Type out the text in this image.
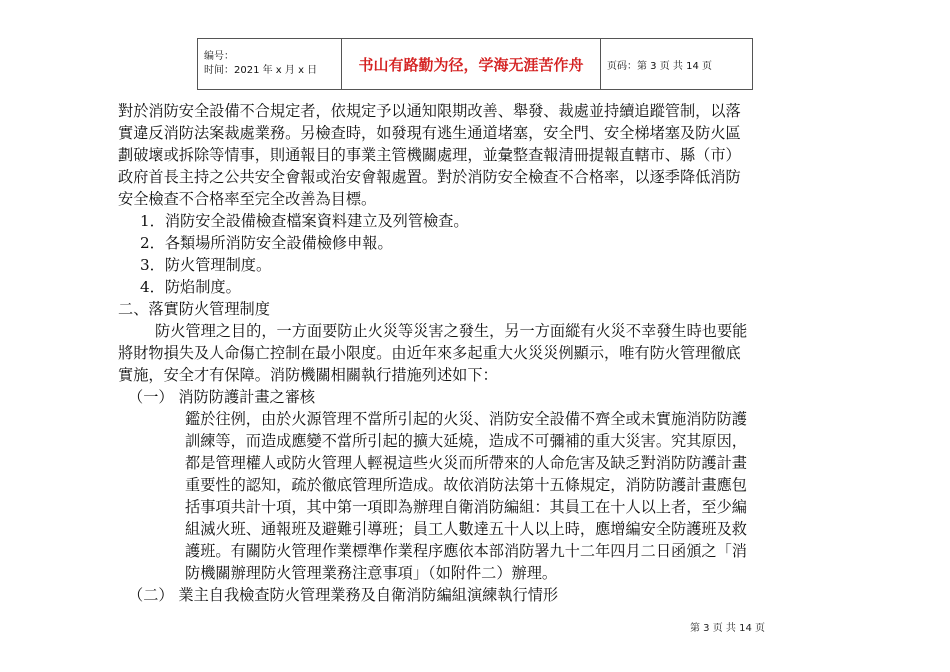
编号：
时间：2021 年 x 月 x 日	书山有路勤为径，学海无涯苦作舟	页码：第 3 页 共 14 页
對於消防安全設備不合規定者，依規定予以通知限期改善、舉發、裁處並持續追蹤管制，以落
實違反消防法案裁處業務。另檢查時，如發現有逃生通道堵塞，安全門、安全梯堵塞及防火區
劃破壞或拆除等情事，則通報目的事業主管機關處理，並彙整查報清冊提報直轄市、縣（市）
政府首長主持之公共安全會報或治安會報處置。對於消防安全檢查不合格率，以逐季降低消防
安全檢查不合格率至完全改善為目標。
1．消防安全設備檢查檔案資料建立及列管檢查。
2．各類場所消防安全設備檢修申報。
3．防火管理制度。
4．防焰制度。
二、落實防火管理制度
防火管理之目的，一方面要防止火災等災害之發生，另一方面縱有火災不幸發生時也要能
將財物損失及人命傷亡控制在最小限度。由近年來多起重大火災災例顯示，唯有防火管理徹底
實施，安全才有保障。消防機關相關執行措施列述如下：
（一） 消防防護計畫之審核
鑑於往例，由於火源管理不當所引起的火災、消防安全設備不齊全或未實施消防防護
訓練等，而造成應變不當所引起的擴大延燒，造成不可彌補的重大災害。究其原因，
都是管理權人或防火管理人輕視這些火災而所帶來的人命危害及缺乏對消防防護計畫
重要性的認知，疏於徹底管理所造成。故依消防法第十五條規定，消防防護計畫應包
括事項共計十項，其中第一項即為辦理自衛消防編組：其員工在十人以上者，至少編
組滅火班、通報班及避難引導班；員工人數達五十人以上時，應增編安全防護班及救
護班。有關防火管理作業標準作業程序應依本部消防署九十二年四月二日函頒之「消
防機關辦理防火管理業務注意事項」（如附件二）辦理。
（二） 業主自我檢查防火管理業務及自衛消防編組演練執行情形
第 3 页 共 14 页
